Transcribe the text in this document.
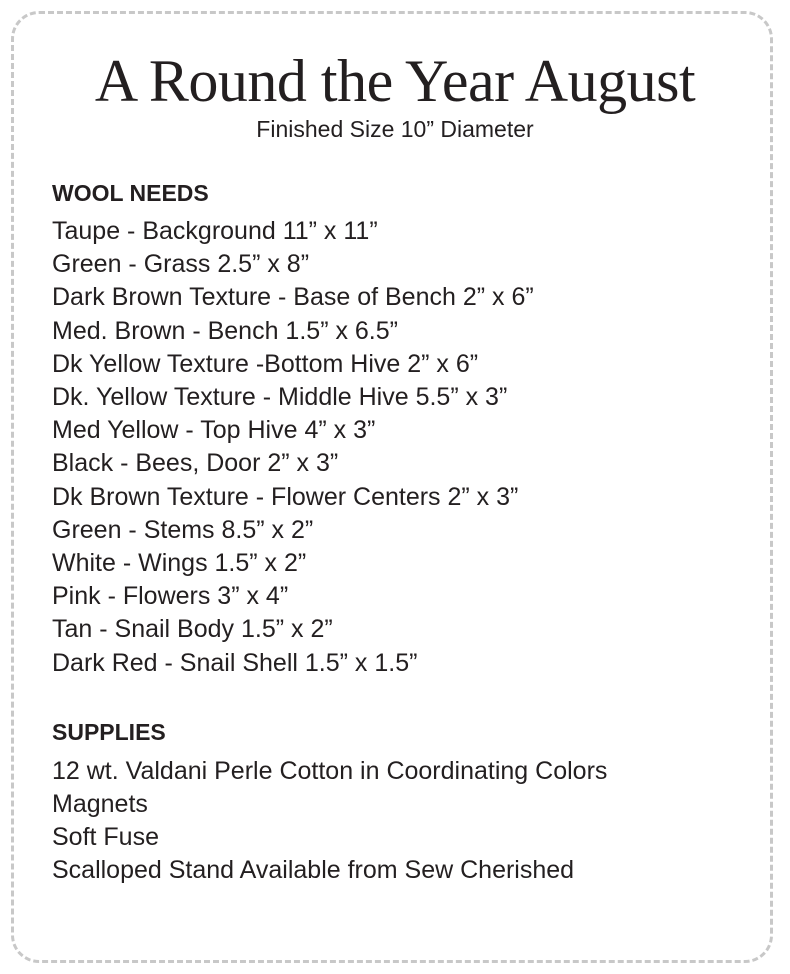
A Round the Year August

Finished Size 10” Diameter

WOOL NEEDS
Taupe - Background 11” x 11”
Green - Grass 2.5” x 8”
Dark Brown Texture - Base of Bench 2” x 6”
Med. Brown - Bench 1.5” x 6.5”
Dk Yellow Texture -Bottom Hive 2” x 6”
Dk. Yellow Texture - Middle Hive 5.5” x 3”
Med Yellow - Top Hive 4” x 3”
Black - Bees, Door 2” x 3”
Dk Brown Texture - Flower Centers 2” x 3”
Green - Stems 8.5” x 2”
White - Wings 1.5” x 2”
Pink - Flowers 3” x 4”
Tan - Snail Body 1.5” x 2”
Dark Red - Snail Shell 1.5” x 1.5”
SUPPLIES
12 wt. Valdani Perle Cotton in Coordinating Colors
Magnets
Soft Fuse
Scalloped Stand Available from Sew Cherished
